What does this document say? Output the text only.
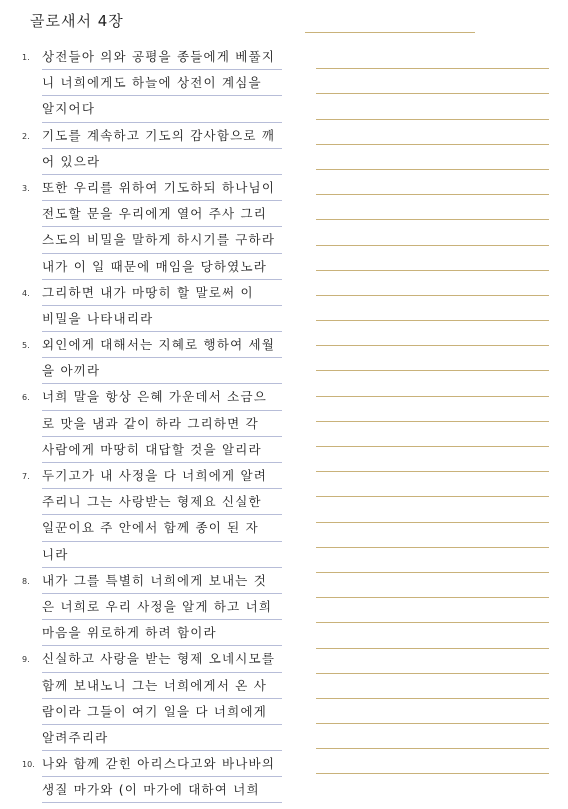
골로새서 4장
1. 상전들아 의와 공평을 종들에게 베풀지
니 너희에게도 하늘에 상전이 계심을
알지어다
2. 기도를 계속하고 기도의 감사함으로 깨
어 있으라
3. 또한 우리를 위하여 기도하되 하나님이
전도할 문을 우리에게 열어 주사 그리
스도의 비밀을 말하게 하시기를 구하라
내가 이 일 때문에 매임을 당하였노라
4. 그리하면 내가 마땅히 할 말로써 이
비밀을 나타내리라
5. 외인에게 대해서는 지혜로 행하여 세월
을 아끼라
6. 너희 말을 항상 은혜 가운데서 소금으
로 맛을 냄과 같이 하라 그리하면 각
사람에게 마땅히 대답할 것을 알리라
7. 두기고가 내 사정을 다 너희에게 알려
주리니 그는 사랑받는 형제요 신실한
일꾼이요 주 안에서 함께 종이 된 자
니라
8. 내가 그를 특별히 너희에게 보내는 것
은 너희로 우리 사정을 알게 하고 너희
마음을 위로하게 하려 함이라
9. 신실하고 사랑을 받는 형제 오네시모를
함께 보내노니 그는 너희에게서 온 사
람이라 그들이 여기 일을 다 너희에게
알려주리라
10. 나와 함께 갇힌 아리스다고와 바나바의
생질 마가와 (이 마가에 대하여 너희
